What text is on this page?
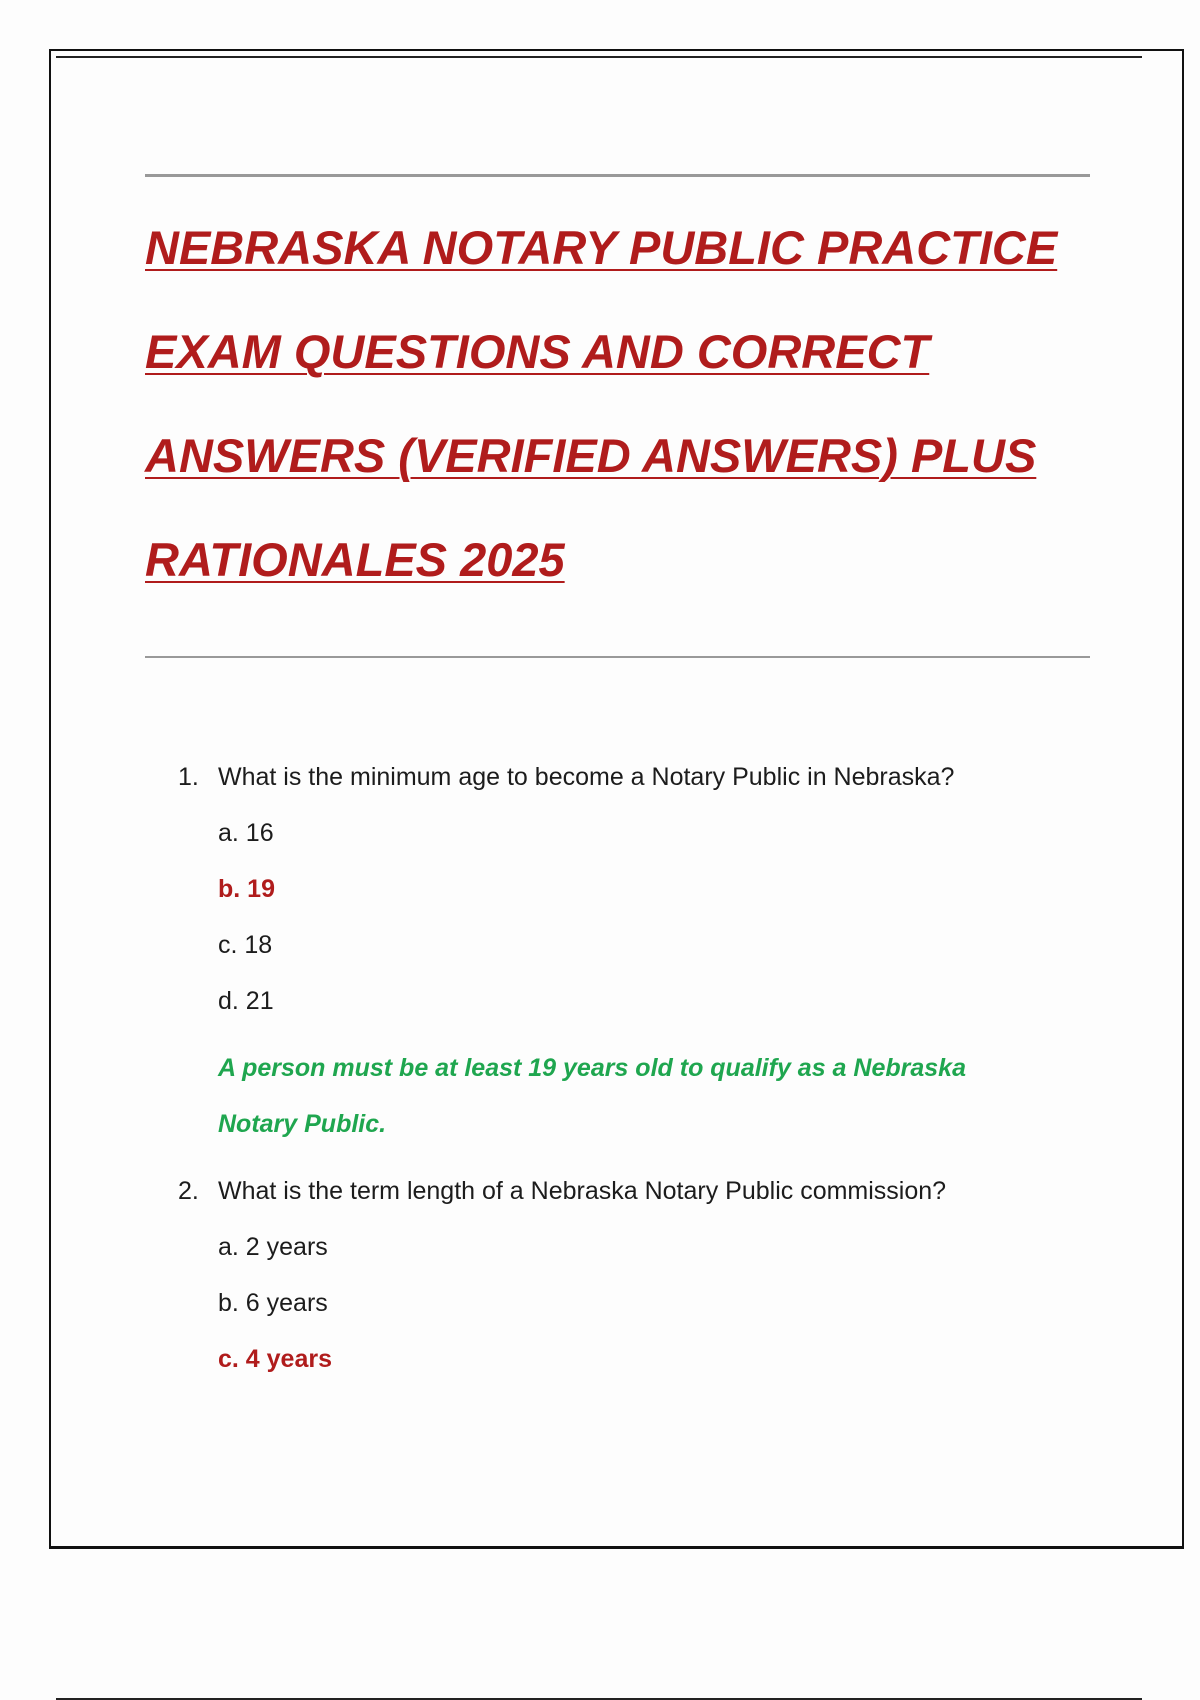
NEBRASKA NOTARY PUBLIC PRACTICE
EXAM QUESTIONS AND CORRECT
ANSWERS (VERIFIED ANSWERS) PLUS
RATIONALES 2025
1. What is the minimum age to become a Notary Public in Nebraska?
a. 16
b. 19
c. 18
d. 21
A person must be at least 19 years old to qualify as a Nebraska Notary Public.
2. What is the term length of a Nebraska Notary Public commission?
a. 2 years
b. 6 years
c. 4 years
